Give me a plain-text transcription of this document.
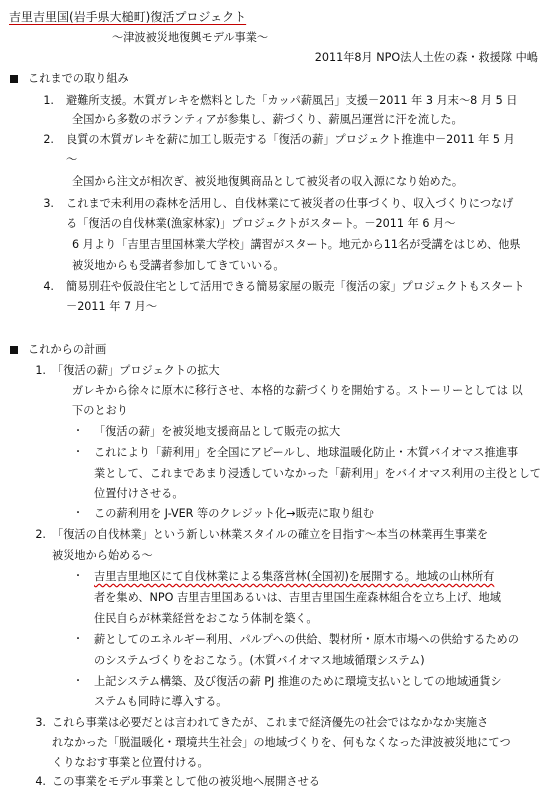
吉里吉里国(岩手県大槌町)復活プロジェクト
～津波被災地復興モデル事業～
2011年8月 NPO法人土佐の森・救援隊 中嶋
これまでの取り組み
1. 避難所支援。木質ガレキを燃料とした「カッパ薪風呂」支援－2011 年 3 月末～8 月 5 日
全国から多数のボランティアが参集し、薪づくり、薪風呂運営に汗を流した。
2. 良質の木質ガレキを薪に加工し販売する「復活の薪」プロジェクト推進中－2011 年 5 月
～
全国から注文が相次ぎ、被災地復興商品として被災者の収入源になり始めた。
3. これまで未利用の森林を活用し、自伐林業にて被災者の仕事づくり、収入づくりにつなげ
る「復活の自伐林業(漁家林家)」プロジェクトがスタート。－2011 年 6 月～
6 月より「吉里吉里国林業大学校」講習がスタート。地元から11名が受講をはじめ、他県
被災地からも受講者参加してきていいる。
4. 簡易別荘や仮設住宅として活用できる簡易家屋の販売「復活の家」プロジェクトもスタート
－2011 年 7 月～
これからの計画
1. 「復活の薪」プロジェクトの拡大
ガレキから徐々に原木に移行させ、本格的な薪づくりを開始する。ストーリーとしては 以
下のとおり
・ 「復活の薪」を被災地支援商品として販売の拡大
・ これにより「薪利用」を全国にアピールし、地球温暖化防止・木質バイオマス推進事
業として、これまであまり浸透していなかった「薪利用」をバイオマス利用の主役として
位置付けさせる。
・ この薪利用を J-VER 等のクレジット化→販売に取り組む
2. 「復活の自伐林業」という新しい林業スタイルの確立を目指す～本当の林業再生事業を
被災地から始める～
・ 吉里吉里地区にて自伐林業による集落営林(全国初)を展開する。地域の山林所有
者を集め、NPO 吉里吉里国あるいは、吉里吉里国生産森林組合を立ち上げ、地域
住民自らが林業経営をおこなう体制を築く。
・ 薪としてのエネルギー利用、パルプへの供給、製材所・原木市場への供給するための
のシステムづくりをおこなう。(木質バイオマス地域循環システム)
・ 上記システム構築、及び復活の薪 PJ 推進のために環境支払いとしての地域通貨シ
ステムも同時に導入する。
3. これら事業は必要だとは言われてきたが、これまで経済優先の社会ではなかなか実施さ
れなかった「脱温暖化・環境共生社会」の地域づくりを、何もなくなった津波被災地にてつ
くりなおす事業と位置付ける。
4. この事業をモデル事業として他の被災地へ展開させる
